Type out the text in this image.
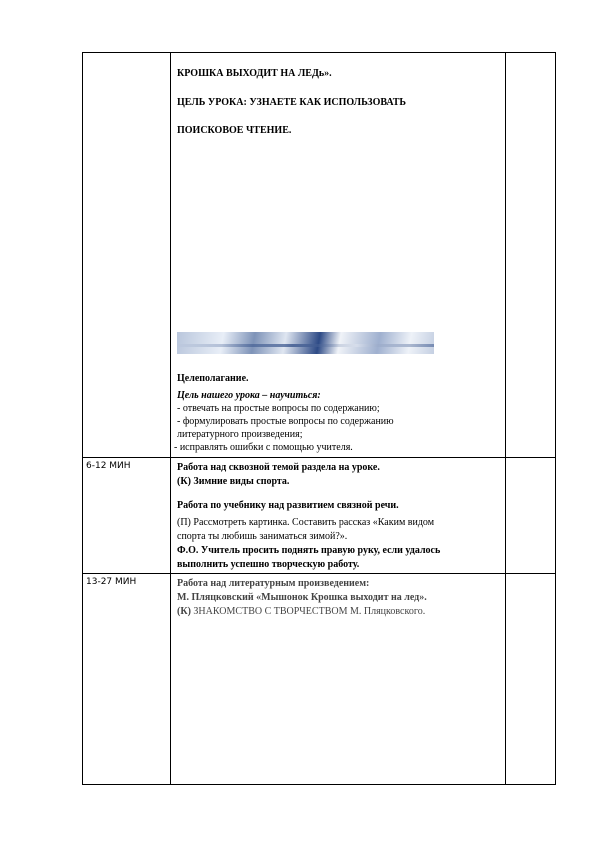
КРОШКА ВЫХОДИТ НА ЛЕДь».
ЦЕЛЬ УРОКА: УЗНАЕТЕ КАК ИСПОЛЬЗОВАТЬ
ПОИСКОВОЕ ЧТЕНИЕ.
Целеполагание.
Цель нашего урока – научиться:
- отвечать на простые вопросы по содержанию;
- формулировать простые вопросы по содержанию
литературного произведения;
- исправлять ошибки с помощью учителя.
6-12 МИН	Работа над сквозной темой раздела на уроке.
(К) Зимние виды спорта.
Работа по учебнику над развитием связной речи.
(П) Рассмотреть картинка. Составить рассказ «Каким видом
спорта ты любишь заниматься зимой?».
Ф.О. Учитель просить поднять правую руку, если удалось
выполнить успешно творческую работу.
13-27 МИН	Работа над литературным произведением:
М. Пляцковский «Мышонок Крошка выходит на лед».
(К) ЗНАКОМСТВО С ТВОРЧЕСТВОМ М. Пляцковского.
